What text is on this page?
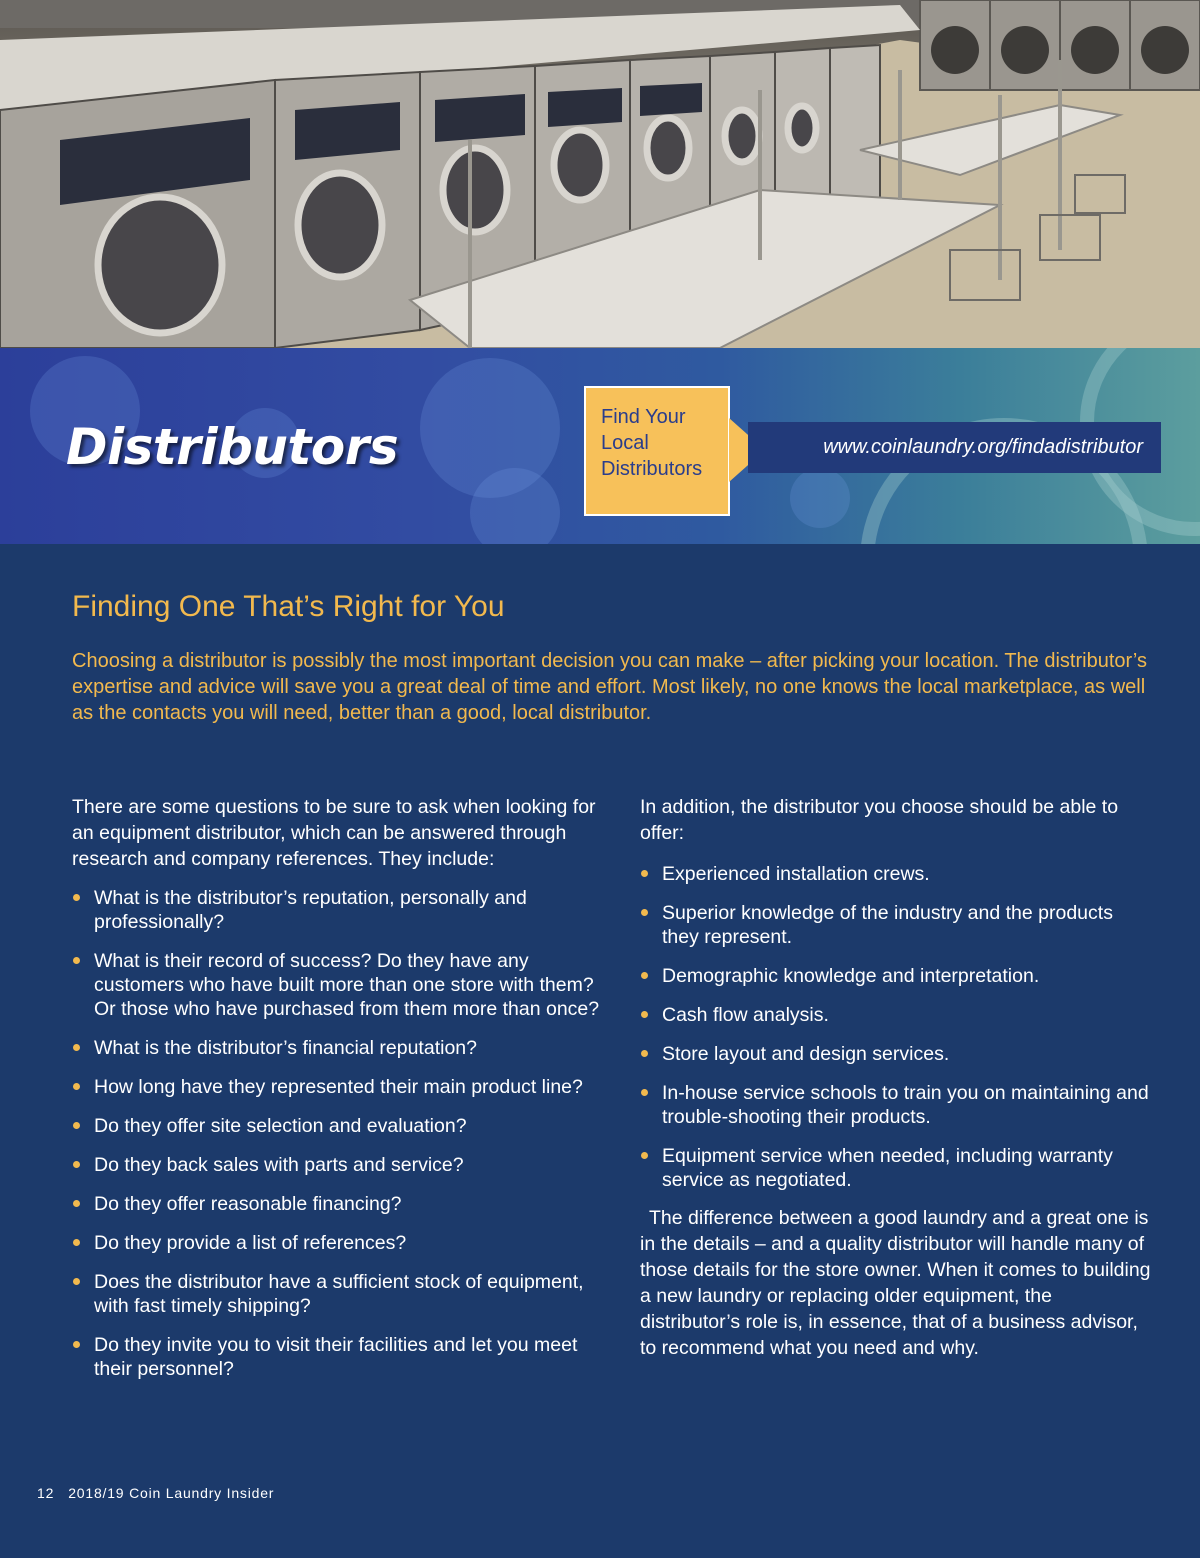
Distributors
Find Your
Local
Distributors
www.coinlaundry.org/findadistributor
Finding One That’s Right for You

Choosing a distributor is possibly the most important decision you can make – after picking your location. The distributor’s expertise and advice will save you a great deal of time and effort. Most likely, no one knows the local marketplace, as well as the contacts you will need, better than a good, local distributor.

There are some questions to be sure to ask when looking for an equipment distributor, which can be answered through research and company references. They include:

What is the distributor’s reputation, personally and professionally?
What is their record of success? Do they have any customers who have built more than one store with them? Or those who have purchased from them more than once?
What is the distributor’s financial reputation?
How long have they represented their main product line?
Do they offer site selection and evaluation?
Do they back sales with parts and service?
Do they offer reasonable financing?
Do they provide a list of references?
Does the distributor have a sufficient stock of equipment, with fast timely shipping?
Do they invite you to visit their facilities and let you meet their personnel?

In addition, the distributor you choose should be able to offer:

Experienced installation crews.
Superior knowledge of the industry and the products they represent.
Demographic knowledge and interpretation.
Cash flow analysis.
Store layout and design services.
In-house service schools to train you on maintaining and trouble-shooting their products.
Equipment service when needed, including warranty service as negotiated.

The difference between a good laundry and a great one is in the details – and a quality distributor will handle many of those details for the store owner. When it comes to building a new laundry or replacing older equipment, the distributor’s role is, in essence, that of a business advisor, to recommend what you need and why.

12 2018/19 Coin Laundry Insider
